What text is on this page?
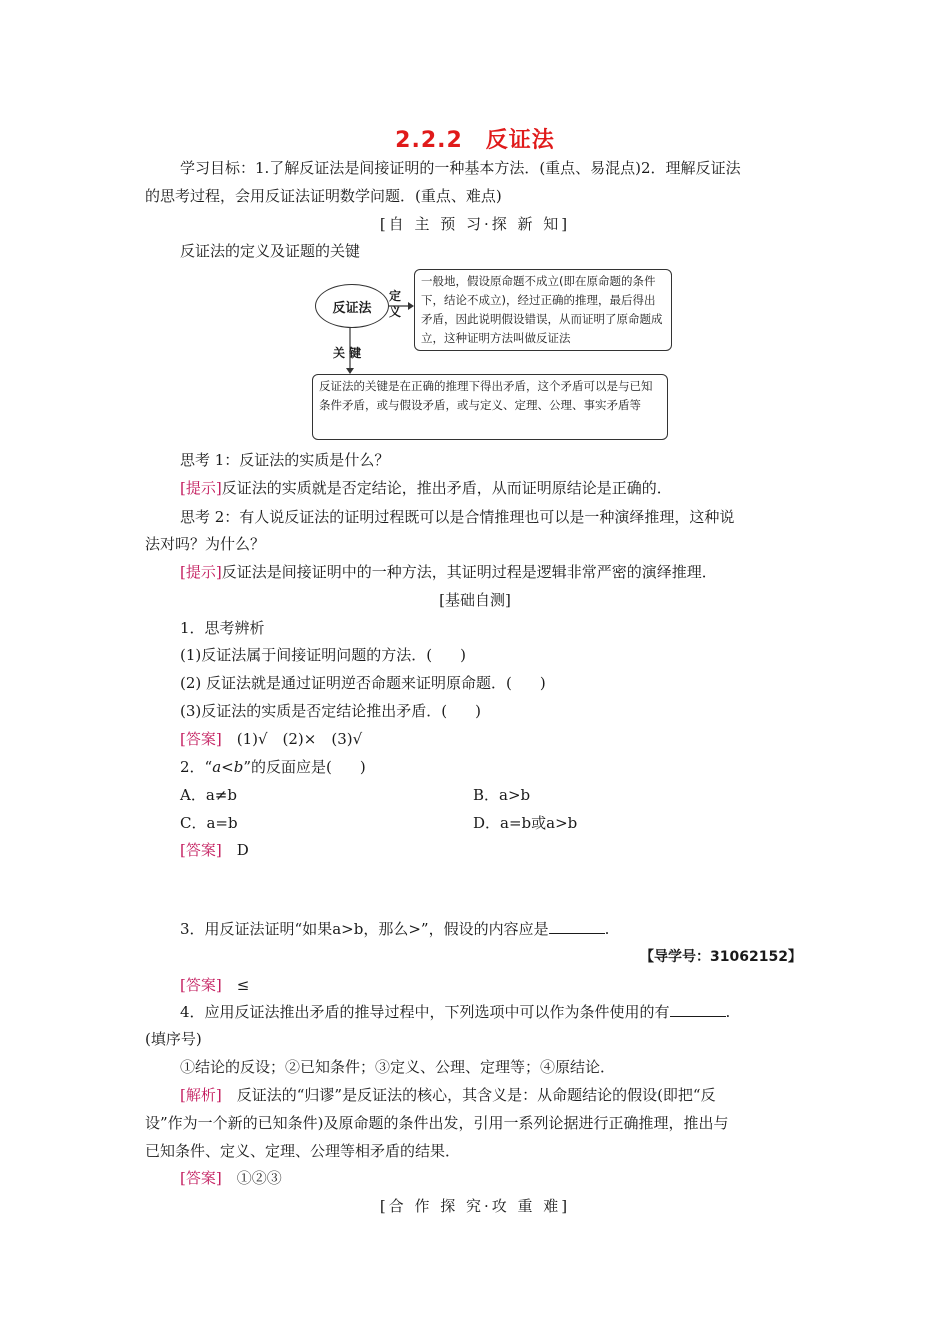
2.2.2　反证法
学习目标：1.了解反证法是间接证明的一种基本方法．(重点、易混点)2．理解反证法
的思考过程，会用反证法证明数学问题．(重点、难点)
[自 主 预 习·探 新 知]
反证法的定义及证题的关键
反证法
定义
关 键
一般地，假设原命题不成立(即在原命题的条件下，结论不成立)，经过正确的推理，最后得出矛盾，因此说明假设错误，从而证明了原命题成立，这种证明方法叫做反证法
反证法的关键是在正确的推理下得出矛盾，这个矛盾可以是与已知条件矛盾，或与假设矛盾，或与定义、定理、公理、事实矛盾等
思考 1：反证法的实质是什么？
[提示]反证法的实质就是否定结论，推出矛盾，从而证明原结论是正确的．
思考 2：有人说反证法的证明过程既可以是合情推理也可以是一种演绎推理，这种说
法对吗？为什么？
[提示]反证法是间接证明中的一种方法，其证明过程是逻辑非常严密的演绎推理．
[基础自测]
1．思考辨析
(1)反证法属于间接证明问题的方法．( )
(2) 反证法就是通过证明逆否命题来证明原命题．( )
(3)反证法的实质是否定结论推出矛盾．( )
[答案]　 (1)√　(2)×　(3)√
2．“a<b”的反面应是( )
A．a≠b	B．a>b
C．a=b	D．a=b或a>b
[答案]　 D
3．用反证法证明“如果a>b，那么>”，假设的内容应是	.
【导学号：31062152】
[答案]　 ≤
4．应用反证法推出矛盾的推导过程中，下列选项中可以作为条件使用的有	.
(填序号)
①结论的反设；②已知条件；③定义、公理、定理等；④原结论．
[解析]　 反证法的“归谬”是反证法的核心，其含义是：从命题结论的假设(即把“反
设”作为一个新的已知条件)及原命题的条件出发，引用一系列论据进行正确推理，推出与
已知条件、定义、定理、公理等相矛盾的结果．
[答案]　 ①②③
[合 作 探 究·攻 重 难]
